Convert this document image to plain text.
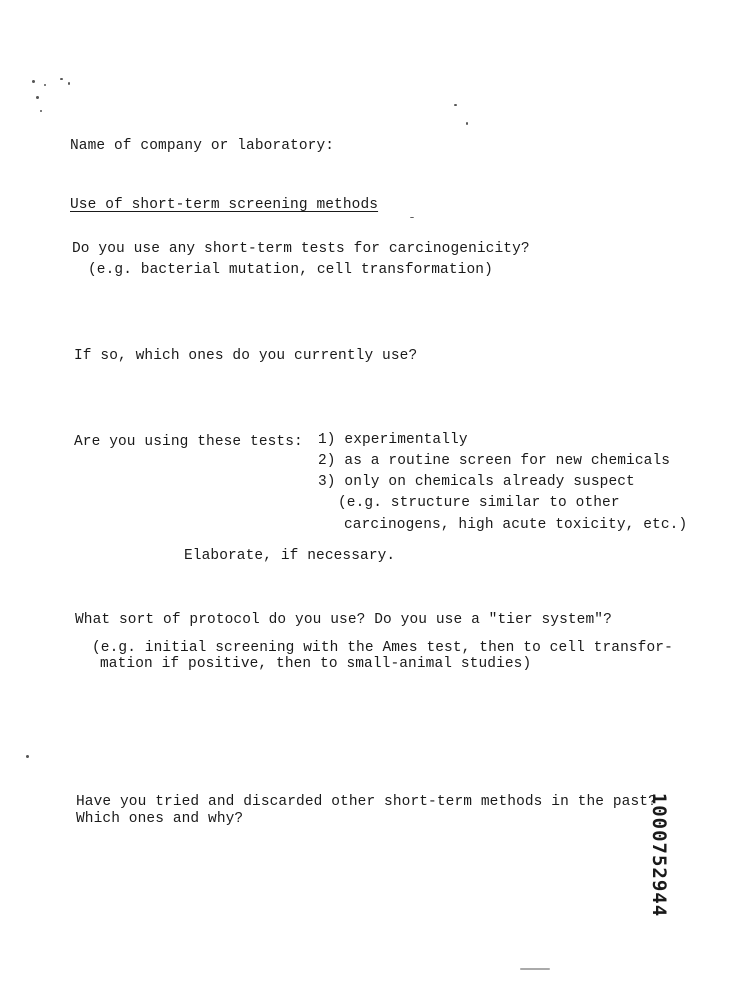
Name of company or laboratory:
Use of short-term screening methods
Do you use any short-term tests for carcinogenicity?
(e.g. bacterial mutation, cell transformation)
If so, which ones do you currently use?
Are you using these tests: 1) experimentally
2) as a routine screen for new chemicals
3) only on chemicals already suspect
(e.g. structure similar to other
carcinogens, high acute toxicity, etc.)
Elaborate, if necessary.
What sort of protocol do you use? Do you use a "tier system"?
(e.g. initial screening with the Ames test, then to cell transfor-
mation if positive, then to small-animal studies)
Have you tried and discarded other short-term methods in the past?
Which ones and why?	1000752944
